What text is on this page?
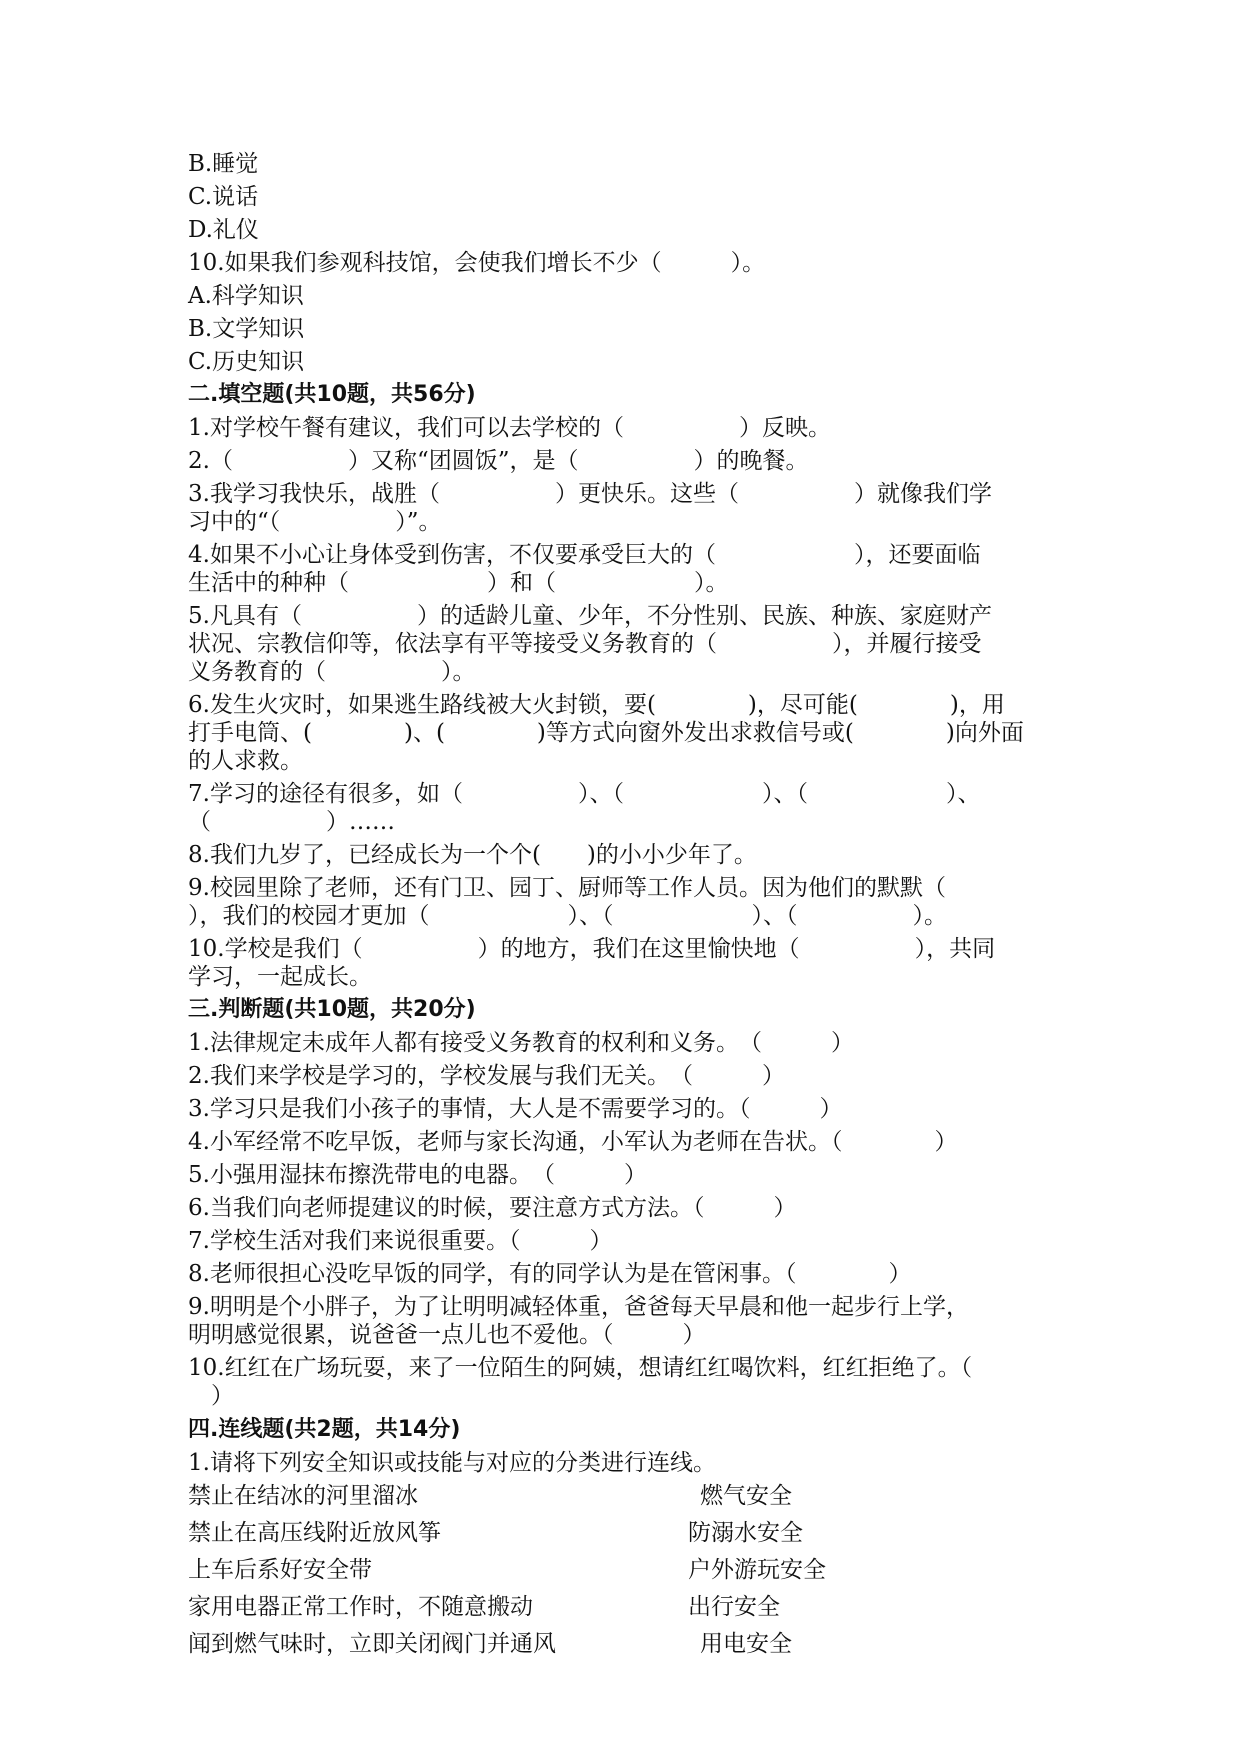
B.睡觉
C.说话
D.礼仪
10.如果我们参观科技馆，会使我们增长不少（　　　）。
A.科学知识
B.文学知识
C.历史知识
二.填空题(共10题，共56分)
1.对学校午餐有建议，我们可以去学校的（　　　　　）反映。
2.（　　　　　）又称“团圆饭”，是（　　　　　）的晚餐。
3.我学习我快乐，战胜（　　　　　）更快乐。这些（　　　　　）就像我们学
习中的“（　　　　　）”。
4.如果不小心让身体受到伤害，不仅要承受巨大的（　　　　　　），还要面临
生活中的种种（　　　　　　）和（　　　　　　）。
5.凡具有（　　　　　）的适龄儿童、少年，不分性别、民族、种族、家庭财产
状况、宗教信仰等，依法享有平等接受义务教育的（　　　　　），并履行接受
义务教育的（　　　　　）。
6.发生火灾时，如果逃生路线被大火封锁，要(　　　　)，尽可能(　　　　)，用
打手电筒、(　　　　)、(　　　　)等方式向窗外发出求救信号或(　　　　)向外面
的人求救。
7.学习的途径有很多，如（　　　　　）、（　　　　　　）、（　　　　　　）、
（　　　　　）……
8.我们九岁了，已经成长为一个个(　　)的小小少年了。
9.校园里除了老师，还有门卫、园丁、厨师等工作人员。因为他们的默默（
），我们的校园才更加（　　　　　　）、（　　　　　　）、（　　　　　）。
10.学校是我们（　　　　　）的地方，我们在这里愉快地（　　　　　），共同
学习，一起成长。
三.判断题(共10题，共20分)
1.法律规定未成年人都有接受义务教育的权利和义务。　（　　　）
2.我们来学校是学习的，学校发展与我们无关。　（　　　）
3.学习只是我们小孩子的事情，大人是不需要学习的。（　　　）
4.小军经常不吃早饭，老师与家长沟通，小军认为老师在告状。（　　　　）
5.小强用湿抹布擦洗带电的电器。　（　　　）
6.当我们向老师提建议的时候，要注意方式方法。（　　　）
7.学校生活对我们来说很重要。（　　　）
8.老师很担心没吃早饭的同学，有的同学认为是在管闲事。（　　　　）
9.明明是个小胖子，为了让明明减轻体重，爸爸每天早晨和他一起步行上学，
明明感觉很累，说爸爸一点儿也不爱他。（　　　）
10.红红在广场玩耍，来了一位陌生的阿姨，想请红红喝饮料，红红拒绝了。（
　）
四.连线题(共2题，共14分)
1.请将下列安全知识或技能与对应的分类进行连线。
禁止在结冰的河里溜冰	燃气安全
禁止在高压线附近放风筝	防溺水安全
上车后系好安全带	户外游玩安全
家用电器正常工作时，不随意搬动	出行安全
闻到燃气味时，立即关闭阀门并通风	用电安全
